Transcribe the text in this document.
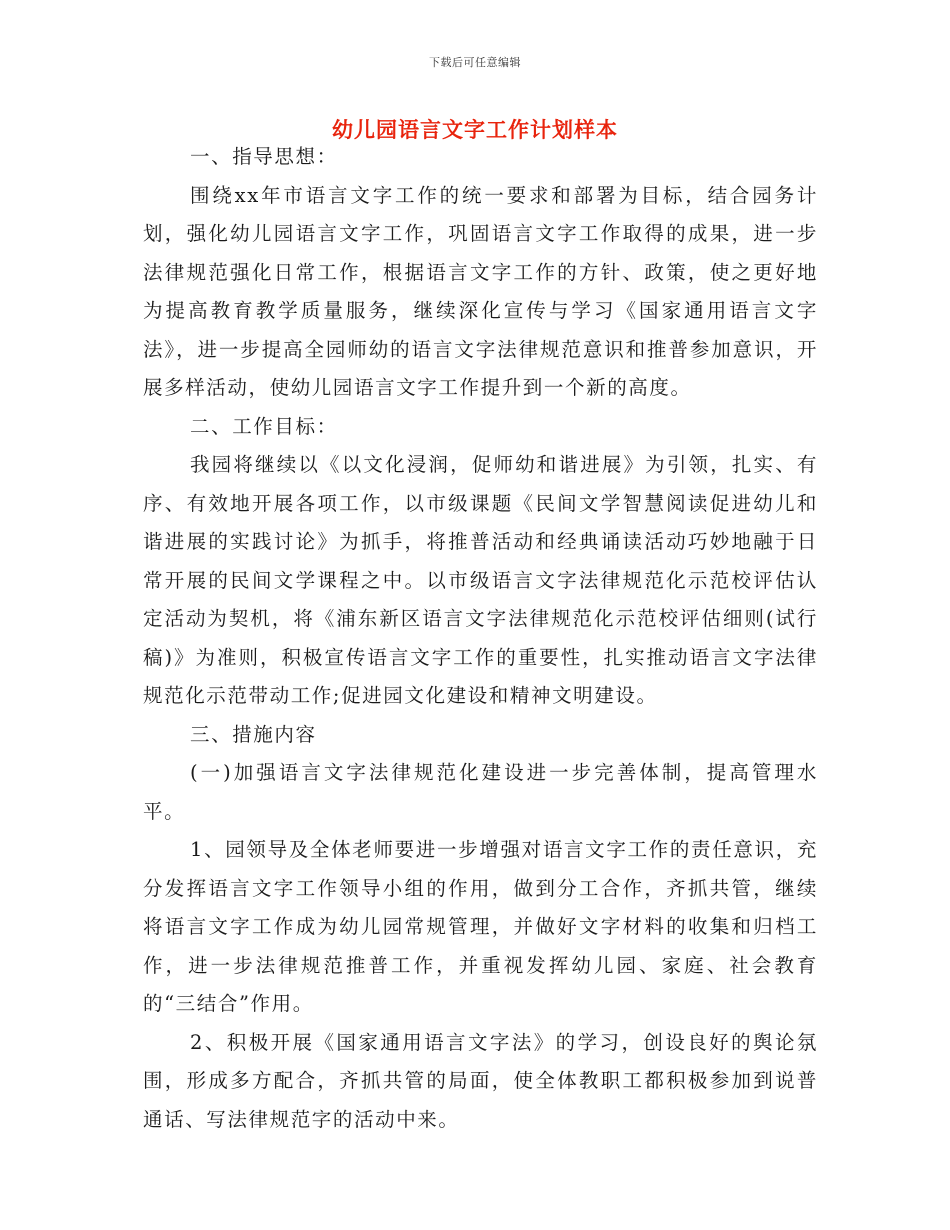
下载后可任意编辑
幼儿园语言文字工作计划样本

一、指导思想：

围绕xx年市语言文字工作的统一要求和部署为目标，结合园务计划，强化幼儿园语言文字工作，巩固语言文字工作取得的成果，进一步法律规范强化日常工作，根据语言文字工作的方针、政策，使之更好地为提高教育教学质量服务，继续深化宣传与学习《国家通用语言文字法》，进一步提高全园师幼的语言文字法律规范意识和推普参加意识，开展多样活动，使幼儿园语言文字工作提升到一个新的高度。

二、工作目标：

我园将继续以《以文化浸润，促师幼和谐进展》为引领，扎实、有序、有效地开展各项工作，以市级课题《民间文学智慧阅读促进幼儿和谐进展的实践讨论》为抓手，将推普活动和经典诵读活动巧妙地融于日常开展的民间文学课程之中。以市级语言文字法律规范化示范校评估认定活动为契机，将《浦东新区语言文字法律规范化示范校评估细则(试行稿)》为准则，积极宣传语言文字工作的重要性，扎实推动语言文字法律规范化示范带动工作;促进园文化建设和精神文明建设。

三、措施内容

(一)加强语言文字法律规范化建设进一步完善体制，提高管理水平。

1、园领导及全体老师要进一步增强对语言文字工作的责任意识，充分发挥语言文字工作领导小组的作用，做到分工合作，齐抓共管，继续将语言文字工作成为幼儿园常规管理，并做好文字材料的收集和归档工作，进一步法律规范推普工作，并重视发挥幼儿园、家庭、社会教育的“三结合”作用。

2、积极开展《国家通用语言文字法》的学习，创设良好的舆论氛围，形成多方配合，齐抓共管的局面，使全体教职工都积极参加到说普通话、写法律规范字的活动中来。
